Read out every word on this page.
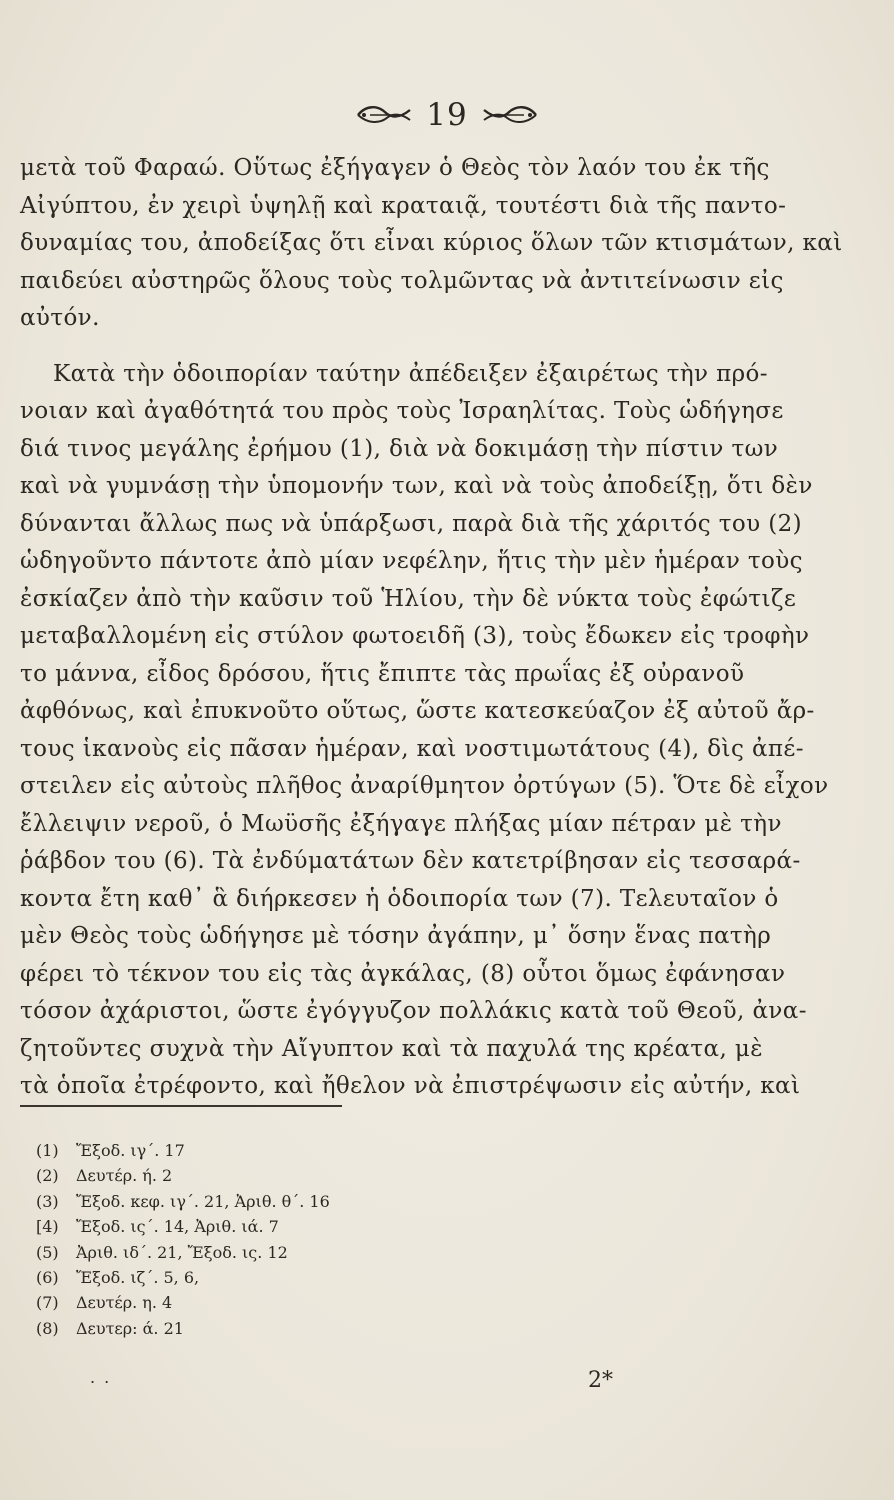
19
μετὰ τοῦ Φαραώ. Οὕτως ἐξήγαγεν ὁ Θεὸς τὸν λαόν του ἐκ τῆς
Αἰγύπτου, ἐν χειρὶ ὑψηλῇ καὶ κραταιᾷ, τουτέστι διὰ τῆς παντο-
δυναμίας του, ἀποδείξας ὅτι εἶναι κύριος ὅλων τῶν κτισμάτων, καὶ
παιδεύει αὐστηρῶς ὅλους τοὺς τολμῶντας νὰ ἀντιτείνωσιν εἰς
αὐτόν.
Κατὰ τὴν ὁδοιπορίαν ταύτην ἀπέδειξεν ἐξαιρέτως τὴν πρό-
νοιαν καὶ ἀγαθότητά του πρὸς τοὺς Ἰσραηλίτας. Τοὺς ὡδήγησε
διά τινος μεγάλης ἐρήμου (1), διὰ νὰ δοκιμάσῃ τὴν πίστιν των
καὶ νὰ γυμνάσῃ τὴν ὑπομονήν των, καὶ νὰ τοὺς ἀποδείξῃ, ὅτι δὲν
δύνανται ἄλλως πως νὰ ὑπάρξωσι, παρὰ διὰ τῆς χάριτός του (2)
ὡδηγοῦντο πάντοτε ἀπὸ μίαν νεφέλην, ἥτις τὴν μὲν ἡμέραν τοὺς
ἐσκίαζεν ἀπὸ τὴν καῦσιν τοῦ Ἡλίου, τὴν δὲ νύκτα τοὺς ἐφώτιζε
μεταβαλλομένη εἰς στύλον φωτοειδῆ (3), τοὺς ἔδωκεν εἰς τροφὴν
το μάννα, εἶδος δρόσου, ἥτις ἔπιπτε τὰς πρωΐας ἐξ οὐρανοῦ
ἀφθόνως, καὶ ἐπυκνοῦτο οὕτως, ὥστε κατεσκεύαζον ἐξ αὐτοῦ ἄρ-
τους ἱκανοὺς εἰς πᾶσαν ἡμέραν, καὶ νοστιμωτάτους (4), δὶς ἀπέ-
στειλεν εἰς αὐτοὺς πλῆθος ἀναρίθμητον ὀρτύγων (5). Ὅτε δὲ εἶχον
ἔλλειψιν νεροῦ, ὁ Μωϋσῆς ἐξήγαγε πλήξας μίαν πέτραν μὲ τὴν
ῥάβδον του (6). Τὰ ἐνδύματάτων δὲν κατετρίβησαν εἰς τεσσαρά-
κοντα ἔτη καθ᾽ ἃ διήρκεσεν ἡ ὁδοιπορία των (7). Τελευταῖον ὁ
μὲν Θεὸς τοὺς ὡδήγησε μὲ τόσην ἀγάπην, μ᾽ ὅσην ἕνας πατὴρ
φέρει τὸ τέκνον του εἰς τὰς ἀγκάλας, (8) οὗτοι ὅμως ἐφάνησαν
τόσον ἀχάριστοι, ὥστε ἐγόγγυζον πολλάκις κατὰ τοῦ Θεοῦ, ἀνα-
ζητοῦντες συχνὰ τὴν Αἴγυπτον καὶ τὰ παχυλά της κρέατα, μὲ
τὰ ὁποῖα ἐτρέφοντο, καὶ ἤθελον νὰ ἐπιστρέψωσιν εἰς αὐτήν, καὶ
(1) Ἔξοδ. ιγ΄. 17
(2) Δευτέρ. ή. 2
(3) Ἔξοδ. κεφ. ιγ΄. 21, Ἀριθ. θ΄. 16
[4) Ἔξοδ. ις΄. 14, Ἀριθ. ιά. 7
(5) Ἀριθ. ιδ΄. 21, Ἔξοδ. ις. 12
(6) Ἔξοδ. ιζ΄. 5, 6,
(7) Δευτέρ. η. 4
(8) Δευτερ: ά. 21
. .	2*
